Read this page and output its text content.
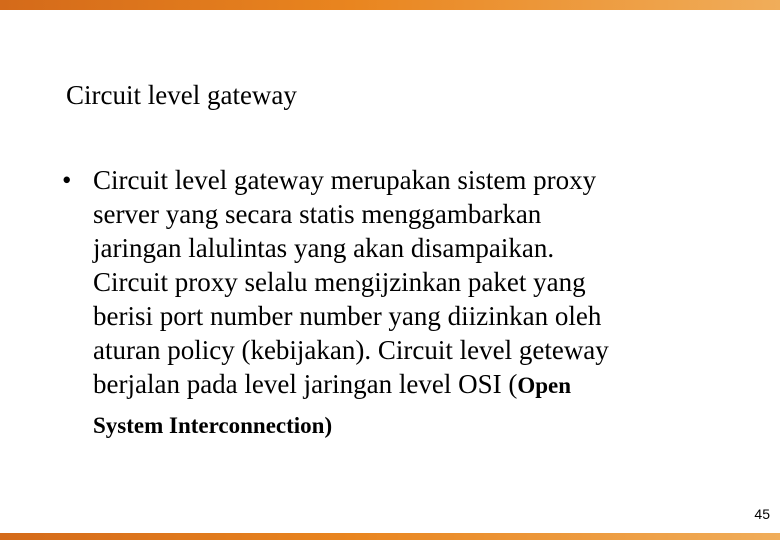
Circuit level gateway
• Circuit level gateway merupakan sistem proxy
server yang secara statis menggambarkan
jaringan lalulintas yang akan disampaikan.
Circuit proxy selalu mengijzinkan paket yang
berisi port number number yang diizinkan oleh
aturan policy (kebijakan). Circuit level geteway
berjalan pada level jaringan level OSI (Open
System Interconnection)
45
